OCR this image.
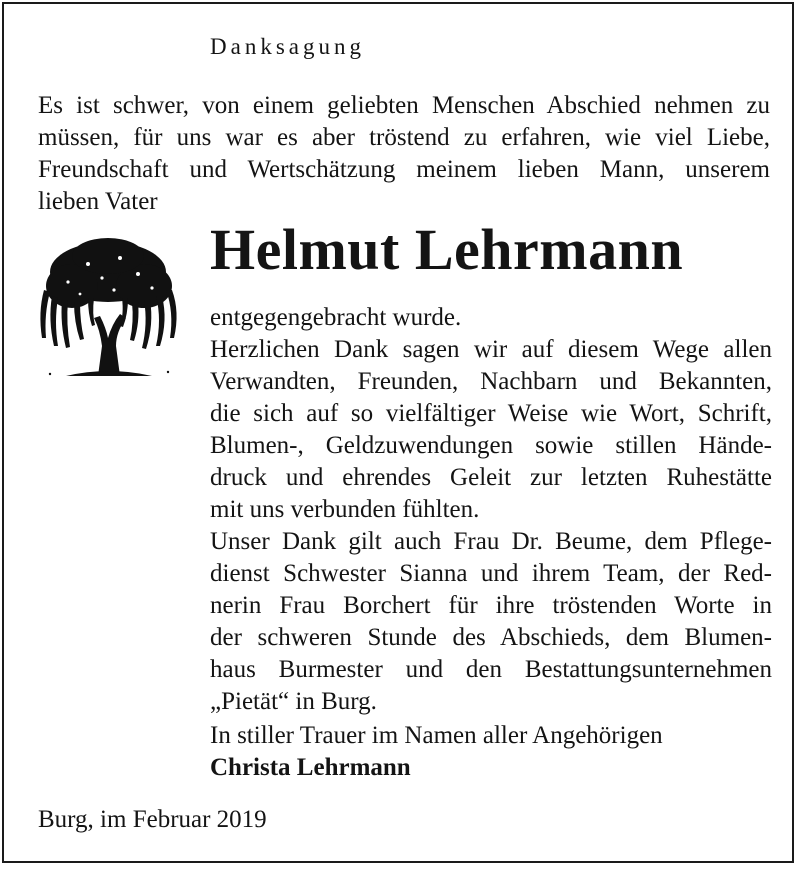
Danksagung
Es ist schwer, von einem geliebten Menschen Abschied nehmen zu
müssen, für uns war es aber tröstend zu erfahren, wie viel Liebe,
Freundschaft und Wertschätzung meinem lieben Mann, unserem
lieben Vater
Helmut Lehrmann
entgegengebracht wurde.
Herzlichen Dank sagen wir auf diesem Wege allen
Verwandten, Freunden, Nachbarn und Bekannten,
die sich auf so vielfältiger Weise wie Wort, Schrift,
Blumen-, Geldzuwendungen sowie stillen Hände-
druck und ehrendes Geleit zur letzten Ruhestätte
mit uns verbunden fühlten.
Unser Dank gilt auch Frau Dr. Beume, dem Pflege-
dienst Schwester Sianna und ihrem Team, der Red-
nerin Frau Borchert für ihre tröstenden Worte in
der schweren Stunde des Abschieds, dem Blumen-
haus Burmester und den Bestattungsunternehmen
„Pietät“ in Burg.
In stiller Trauer im Namen aller Angehörigen
Christa Lehrmann
Burg, im Februar 2019
